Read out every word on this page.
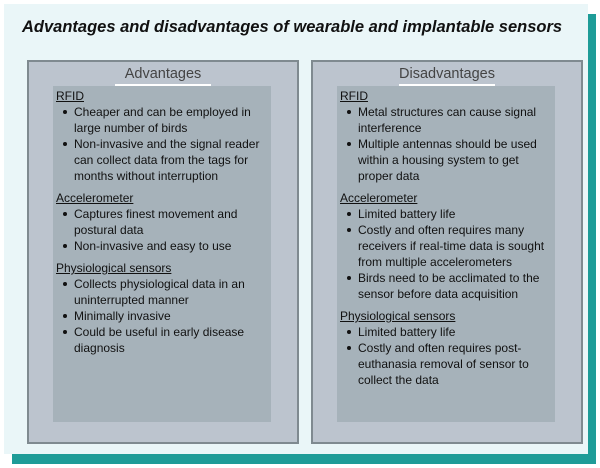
Advantages and disadvantages of wearable and implantable sensors
Advantages
RFID
Cheaper and can be employed in large number of birds
Non-invasive and the signal reader can collect data from the tags for months without interruption
Accelerometer
Captures finest movement and postural data
Non-invasive and easy to use
Physiological sensors
Collects physiological data in an uninterrupted manner
Minimally invasive
Could be useful in early disease diagnosis
Disadvantages
RFID
Metal structures can cause signal interference
Multiple antennas should be used within a housing system to get proper data
Accelerometer
Limited battery life
Costly and often requires many receivers if real-time data is sought from multiple accelerometers
Birds need to be acclimated to the sensor before data acquisition
Physiological sensors
Limited battery life
Costly and often requires post-euthanasia removal of sensor to collect the data
